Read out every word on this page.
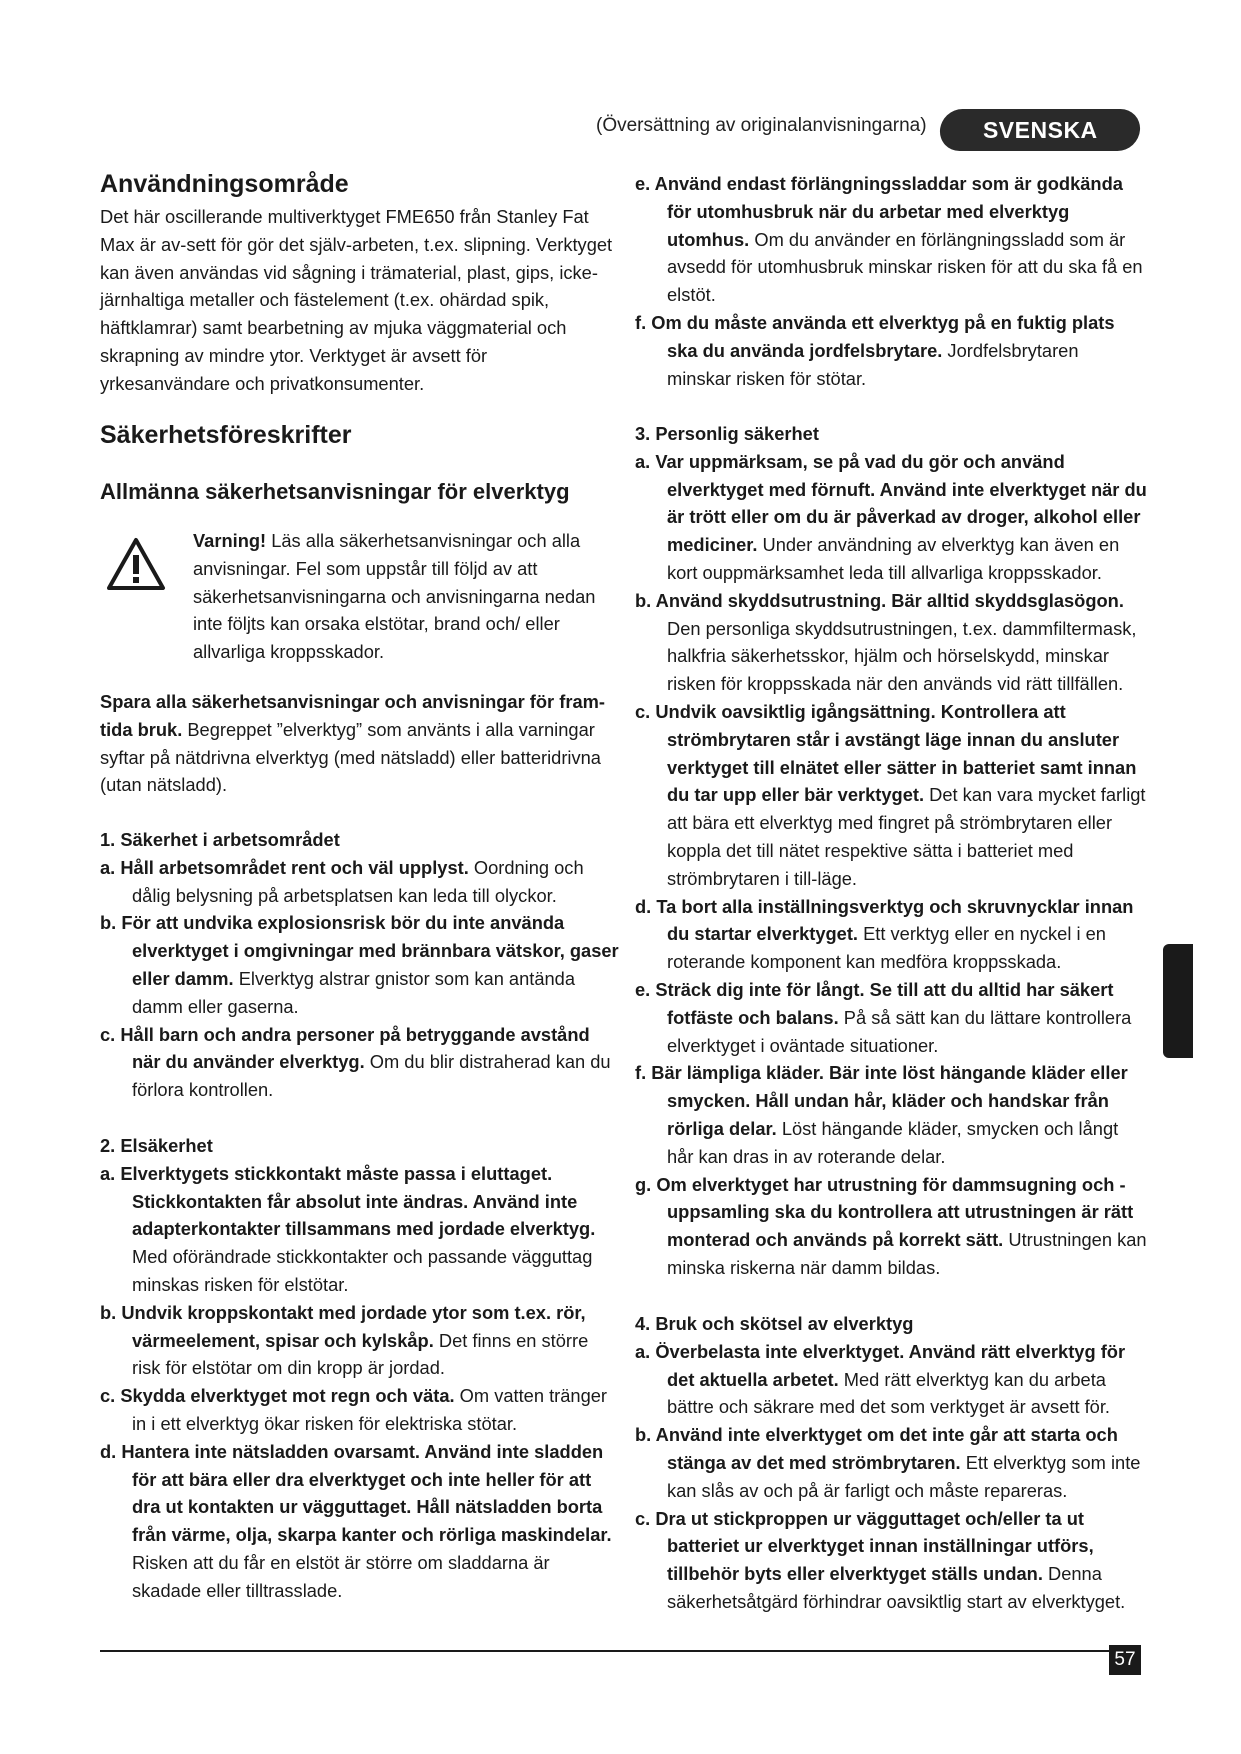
(Översättning av originalanvisningarna) SVENSKA
Användningsområde

Det här oscillerande multiverktyget FME650 från Stanley Fat Max är av-sett för gör det själv-arbeten, t.ex. slipning. Verktyget kan även användas vid sågning i trämaterial, plast, gips, icke-järnhaltiga metaller och fästelement (t.ex. ohärdad spik, häftklamrar) samt bearbetning av mjuka väggmaterial och skrapning av mindre ytor. Verktyget är avsett för yrkesanvändare och privatkonsumenter.

Säkerhetsföreskrifter
Allmänna säkerhetsanvisningar för elverktyg

Varning! Läs alla säkerhetsanvisningar och alla anvisningar. Fel som uppstår till följd av att säkerhetsanvisningarna och anvisningarna nedan inte följts kan orsaka elstötar, brand och/ eller allvarliga kroppsskador.

Spara alla säkerhetsanvisningar och anvisningar för fram-tida bruk. Begreppet ”elverktyg” som använts i alla varningar syftar på nätdrivna elverktyg (med nätsladd) eller batteridrivna (utan nätsladd).

1. Säkerhet i arbetsområdet

a. Håll arbetsområdet rent och väl upplyst. Oordning och dålig belysning på arbetsplatsen kan leda till olyckor.

b. För att undvika explosionsrisk bör du inte använda elverktyget i omgivningar med brännbara vätskor, gaser eller damm. Elverktyg alstrar gnistor som kan antända damm eller gaserna.

c. Håll barn och andra personer på betryggande avstånd när du använder elverktyg. Om du blir distraherad kan du förlora kontrollen.

2. Elsäkerhet

a. Elverktygets stickkontakt måste passa i eluttaget. Stickkontakten får absolut inte ändras. Använd inte adapterkontakter tillsammans med jordade elverktyg. Med oförändrade stickkontakter och passande vägguttag minskas risken för elstötar.

b. Undvik kroppskontakt med jordade ytor som t.ex. rör, värmeelement, spisar och kylskåp. Det finns en större risk för elstötar om din kropp är jordad.

c. Skydda elverktyget mot regn och väta. Om vatten tränger in i ett elverktyg ökar risken för elektriska stötar.

d. Hantera inte nätsladden ovarsamt. Använd inte sladden för att bära eller dra elverktyget och inte heller för att dra ut kontakten ur vägguttaget. Håll nätsladden borta från värme, olja, skarpa kanter och rörliga maskindelar. Risken att du får en elstöt är större om sladdarna är skadade eller tilltrasslade.

e. Använd endast förlängningssladdar som är godkända för utomhusbruk när du arbetar med elverktyg utomhus. Om du använder en förlängningssladd som är avsedd för utomhusbruk minskar risken för att du ska få en elstöt.

f. Om du måste använda ett elverktyg på en fuktig plats ska du använda jordfelsbrytare. Jordfelsbrytaren minskar risken för stötar.

3. Personlig säkerhet

a. Var uppmärksam, se på vad du gör och använd elverktyget med förnuft. Använd inte elverktyget när du är trött eller om du är påverkad av droger, alkohol eller mediciner. Under användning av elverktyg kan även en kort ouppmärksamhet leda till allvarliga kroppsskador.

b. Använd skyddsutrustning. Bär alltid skyddsglasögon. Den personliga skyddsutrustningen, t.ex. dammfiltermask, halkfria säkerhetsskor, hjälm och hörselskydd, minskar risken för kroppsskada när den används vid rätt tillfällen.

c. Undvik oavsiktlig igångsättning. Kontrollera att strömbrytaren står i avstängt läge innan du ansluter verktyget till elnätet eller sätter in batteriet samt innan du tar upp eller bär verktyget. Det kan vara mycket farligt att bära ett elverktyg med fingret på strömbrytaren eller koppla det till nätet respektive sätta i batteriet med strömbrytaren i till-läge.

d. Ta bort alla inställningsverktyg och skruvnycklar innan du startar elverktyget. Ett verktyg eller en nyckel i en roterande komponent kan medföra kroppsskada.

e. Sträck dig inte för långt. Se till att du alltid har säkert fotfäste och balans. På så sätt kan du lättare kontrollera elverktyget i oväntade situationer.

f. Bär lämpliga kläder. Bär inte löst hängande kläder eller smycken. Håll undan hår, kläder och handskar från rörliga delar. Löst hängande kläder, smycken och långt hår kan dras in av roterande delar.

g. Om elverktyget har utrustning för dammsugning och -uppsamling ska du kontrollera att utrustningen är rätt monterad och används på korrekt sätt. Utrustningen kan minska riskerna när damm bildas.

4. Bruk och skötsel av elverktyg

a. Överbelasta inte elverktyget. Använd rätt elverktyg för det aktuella arbetet. Med rätt elverktyg kan du arbeta bättre och säkrare med det som verktyget är avsett för.

b. Använd inte elverktyget om det inte går att starta och stänga av det med strömbrytaren. Ett elverktyg som inte kan slås av och på är farligt och måste repareras.

c. Dra ut stickproppen ur vägguttaget och/eller ta ut batteriet ur elverktyget innan inställningar utförs, tillbehör byts eller elverktyget ställs undan. Denna säkerhetsåtgärd förhindrar oavsiktlig start av elverktyget.

57
